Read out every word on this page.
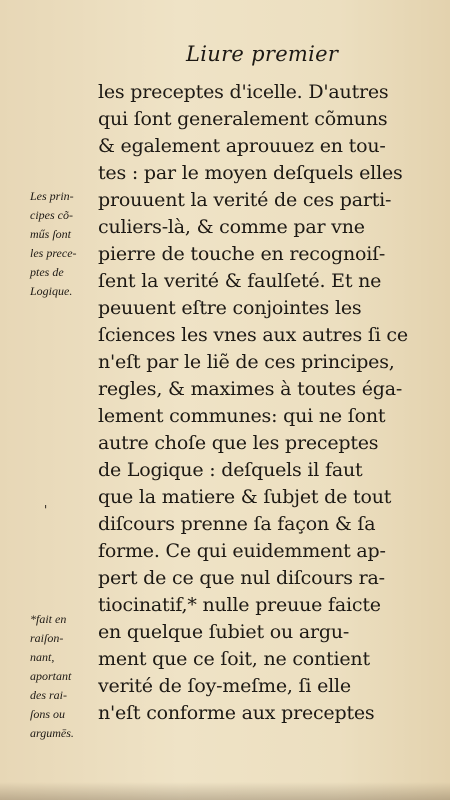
Liure premier
les preceptes d'icelle. D'autres
qui ſont generalement cõmuns
& egalement aprouuez en tou-
tes : par le moyen deſquels elles
prouuent la verité de ces parti-
culiers-là, & comme par vne
pierre de touche en recognoiſ-
ſent la verité & faulſeté. Et ne
peuuent eſtre conjointes les
ſciences les vnes aux autres ſi ce
n'eſt par le liẽ de ces principes,
regles, & maximes à toutes éga-
lement communes: qui ne ſont
autre choſe que les preceptes
de Logique : deſquels il faut
que la matiere & ſubjet de tout
diſcours prenne ſa façon & ſa
forme. Ce qui euidemment ap-
pert de ce que nul diſcours ra-
tiocinatif,* nulle preuue faicte
en quelque ſubiet ou argu-
ment que ce ſoit, ne contient
verité de ſoy-meſme, ſi elle
n'eſt conforme aux preceptes
Les prin-
cipes cõ-
műs ſont
les prece-
ptes de
Logique.
'
*fait en
raiſon-
nant,
aportant
des rai-
ſons ou
argumēs.
